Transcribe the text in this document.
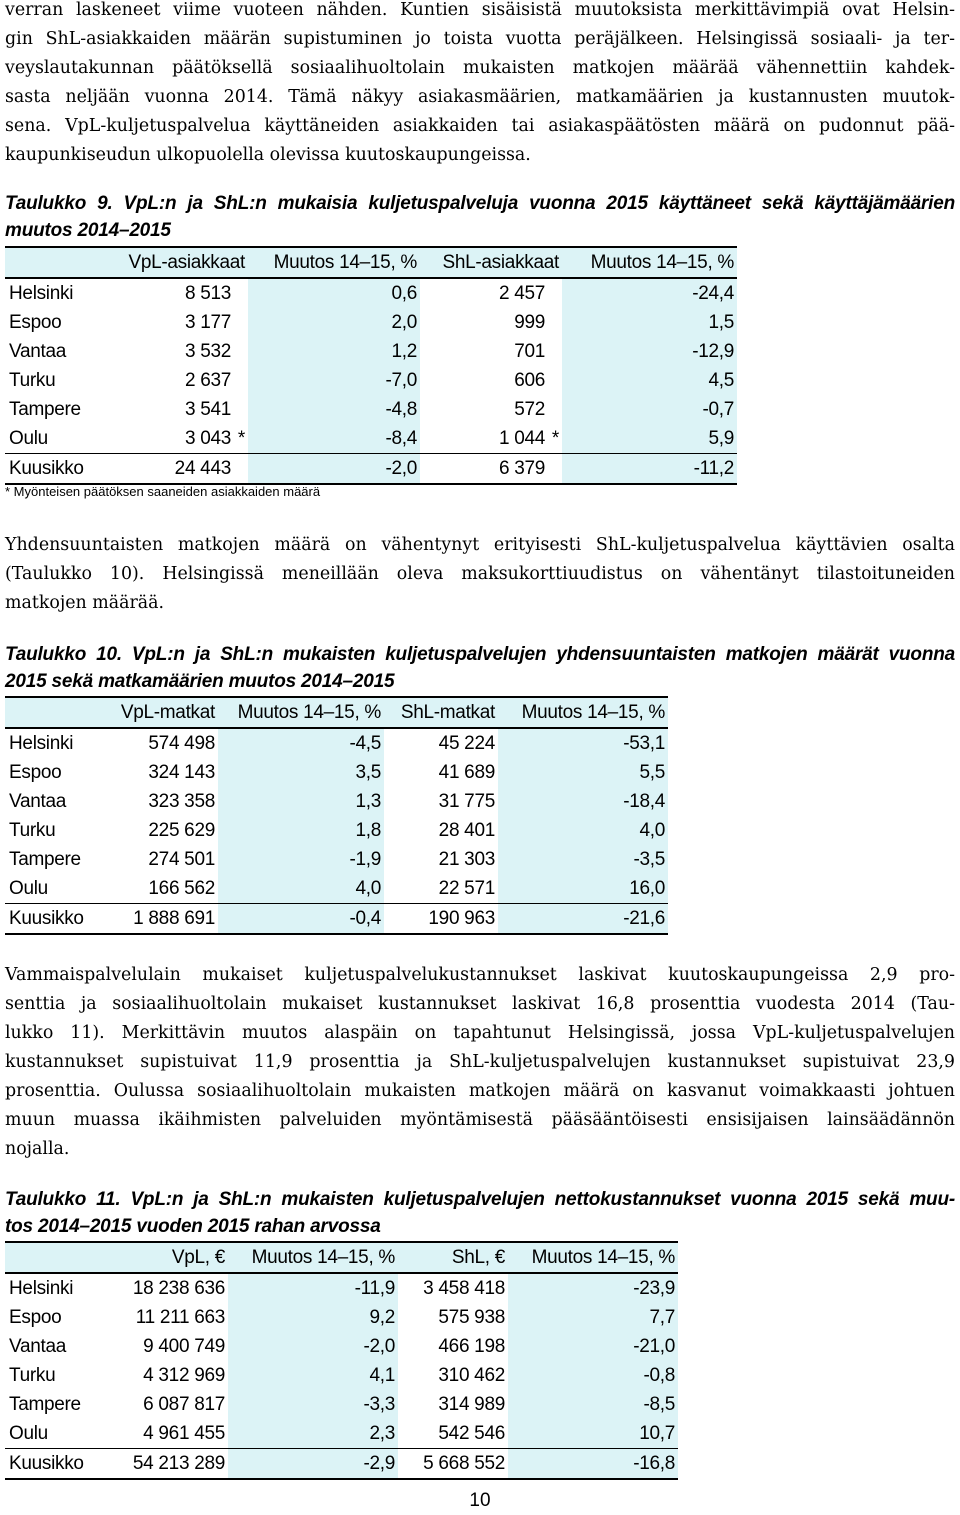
verran laskeneet viime vuoteen nähden. Kuntien sisäisistä muutoksista merkittävimpiä ovat Helsin-
gin ShL-asiakkaiden määrän supistuminen jo toista vuotta peräjälkeen. Helsingissä sosiaali- ja ter-
veyslautakunnan päätöksellä sosiaalihuoltolain mukaisten matkojen määrää vähennettiin kahdek-
sasta neljään vuonna 2014. Tämä näkyy asiakasmäärien, matkamäärien ja kustannusten muutok-
sena. VpL-kuljetuspalvelua käyttäneiden asiakkaiden tai asiakaspäätösten määrä on pudonnut pää-
kaupunkiseudun ulkopuolella olevissa kuutoskaupungeissa.
Taulukko 9. VpL:n ja ShL:n mukaisia kuljetuspalveluja vuonna 2015 käyttäneet sekä käyttäjämäärien
muutos 2014–2015
	VpL-asiakkaat	Muutos 14–15, %	ShL-asiakkaat	Muutos 14–15, %
Helsinki	8 513	0,6	2 457	-24,4
Espoo	3 177	2,0	999	1,5
Vantaa	3 532	1,2	701	-12,9
Turku	2 637	-7,0	606	4,5
Tampere	3 541	-4,8	572	-0,7
Oulu	3 043 *	-8,4	1 044 *	5,9
Kuusikko	24 443	-2,0	6 379	-11,2
* Myönteisen päätöksen saaneiden asiakkaiden määrä
Yhdensuuntaisten matkojen määrä on vähentynyt erityisesti ShL-kuljetuspalvelua käyttävien osalta
(Taulukko 10). Helsingissä meneillään oleva maksukorttiuudistus on vähentänyt tilastoituneiden
matkojen määrää.
Taulukko 10. VpL:n ja ShL:n mukaisten kuljetuspalvelujen yhdensuuntaisten matkojen määrät vuonna
2015 sekä matkamäärien muutos 2014–2015
	VpL-matkat	Muutos 14–15, %	ShL-matkat	Muutos 14–15, %
Helsinki	574 498	-4,5	45 224	-53,1
Espoo	324 143	3,5	41 689	5,5
Vantaa	323 358	1,3	31 775	-18,4
Turku	225 629	1,8	28 401	4,0
Tampere	274 501	-1,9	21 303	-3,5
Oulu	166 562	4,0	22 571	16,0
Kuusikko	1 888 691	-0,4	190 963	-21,6
Vammaispalvelulain mukaiset kuljetuspalvelukustannukset laskivat kuutoskaupungeissa 2,9 pro-
senttia ja sosiaalihuoltolain mukaiset kustannukset laskivat 16,8 prosenttia vuodesta 2014 (Tau-
lukko 11). Merkittävin muutos alaspäin on tapahtunut Helsingissä, jossa VpL-kuljetuspalvelujen
kustannukset supistuivat 11,9 prosenttia ja ShL-kuljetuspalvelujen kustannukset supistuivat 23,9
prosenttia. Oulussa sosiaalihuoltolain mukaisten matkojen määrä on kasvanut voimakkaasti johtuen
muun muassa ikäihmisten palveluiden myöntämisestä pääsääntöisesti ensisijaisen lainsäädännön
nojalla.
Taulukko 11. VpL:n ja ShL:n mukaisten kuljetuspalvelujen nettokustannukset vuonna 2015 sekä muu-
tos 2014–2015 vuoden 2015 rahan arvossa
	VpL, €	Muutos 14–15, %	ShL, €	Muutos 14–15, %
Helsinki	18 238 636	-11,9	3 458 418	-23,9
Espoo	11 211 663	9,2	575 938	7,7
Vantaa	9 400 749	-2,0	466 198	-21,0
Turku	4 312 969	4,1	310 462	-0,8
Tampere	6 087 817	-3,3	314 989	-8,5
Oulu	4 961 455	2,3	542 546	10,7
Kuusikko	54 213 289	-2,9	5 668 552	-16,8
10
